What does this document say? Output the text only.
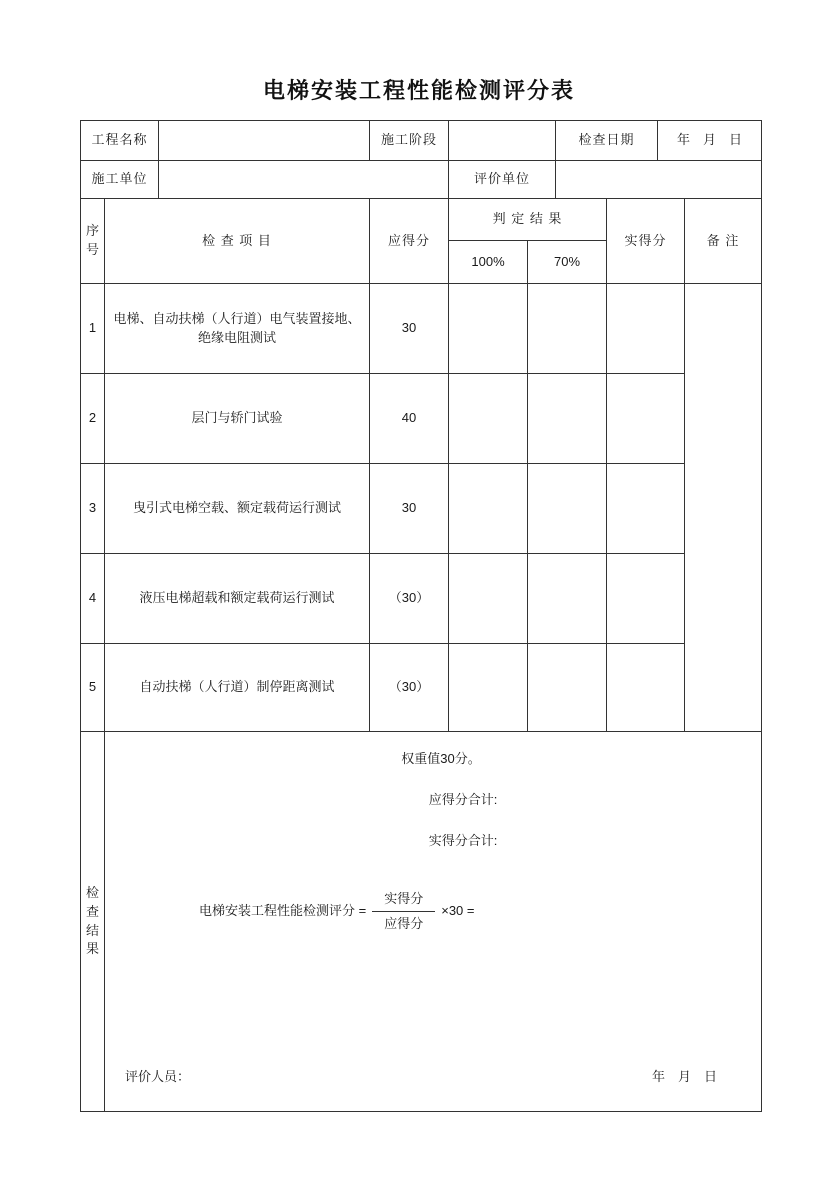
电梯安装工程性能检测评分表
工程名称			施工阶段			检查日期		年　月　日	
施工单位				评价单位					
序号	检 查 项 目		应得分	判 定 结 果			实得分		备 注
				100%	70%				
1	电梯、自动扶梯（人行道）电气装置接地、绝缘电阻测试		30						
2	层门与轿门试验		40						
3	曳引式电梯空载、额定载荷运行测试		30						
4	液压电梯超载和额定载荷运行测试		（30）						
5	自动扶梯（人行道）制停距离测试		（30）						
检查结果	
权重值30分。
应得分合计:
实得分合计:
电梯安装工程性能检测评分 = $\frac{\text{实得分}}{\text{应得分}} \times 30$ =
评价人员：	年　月　日
